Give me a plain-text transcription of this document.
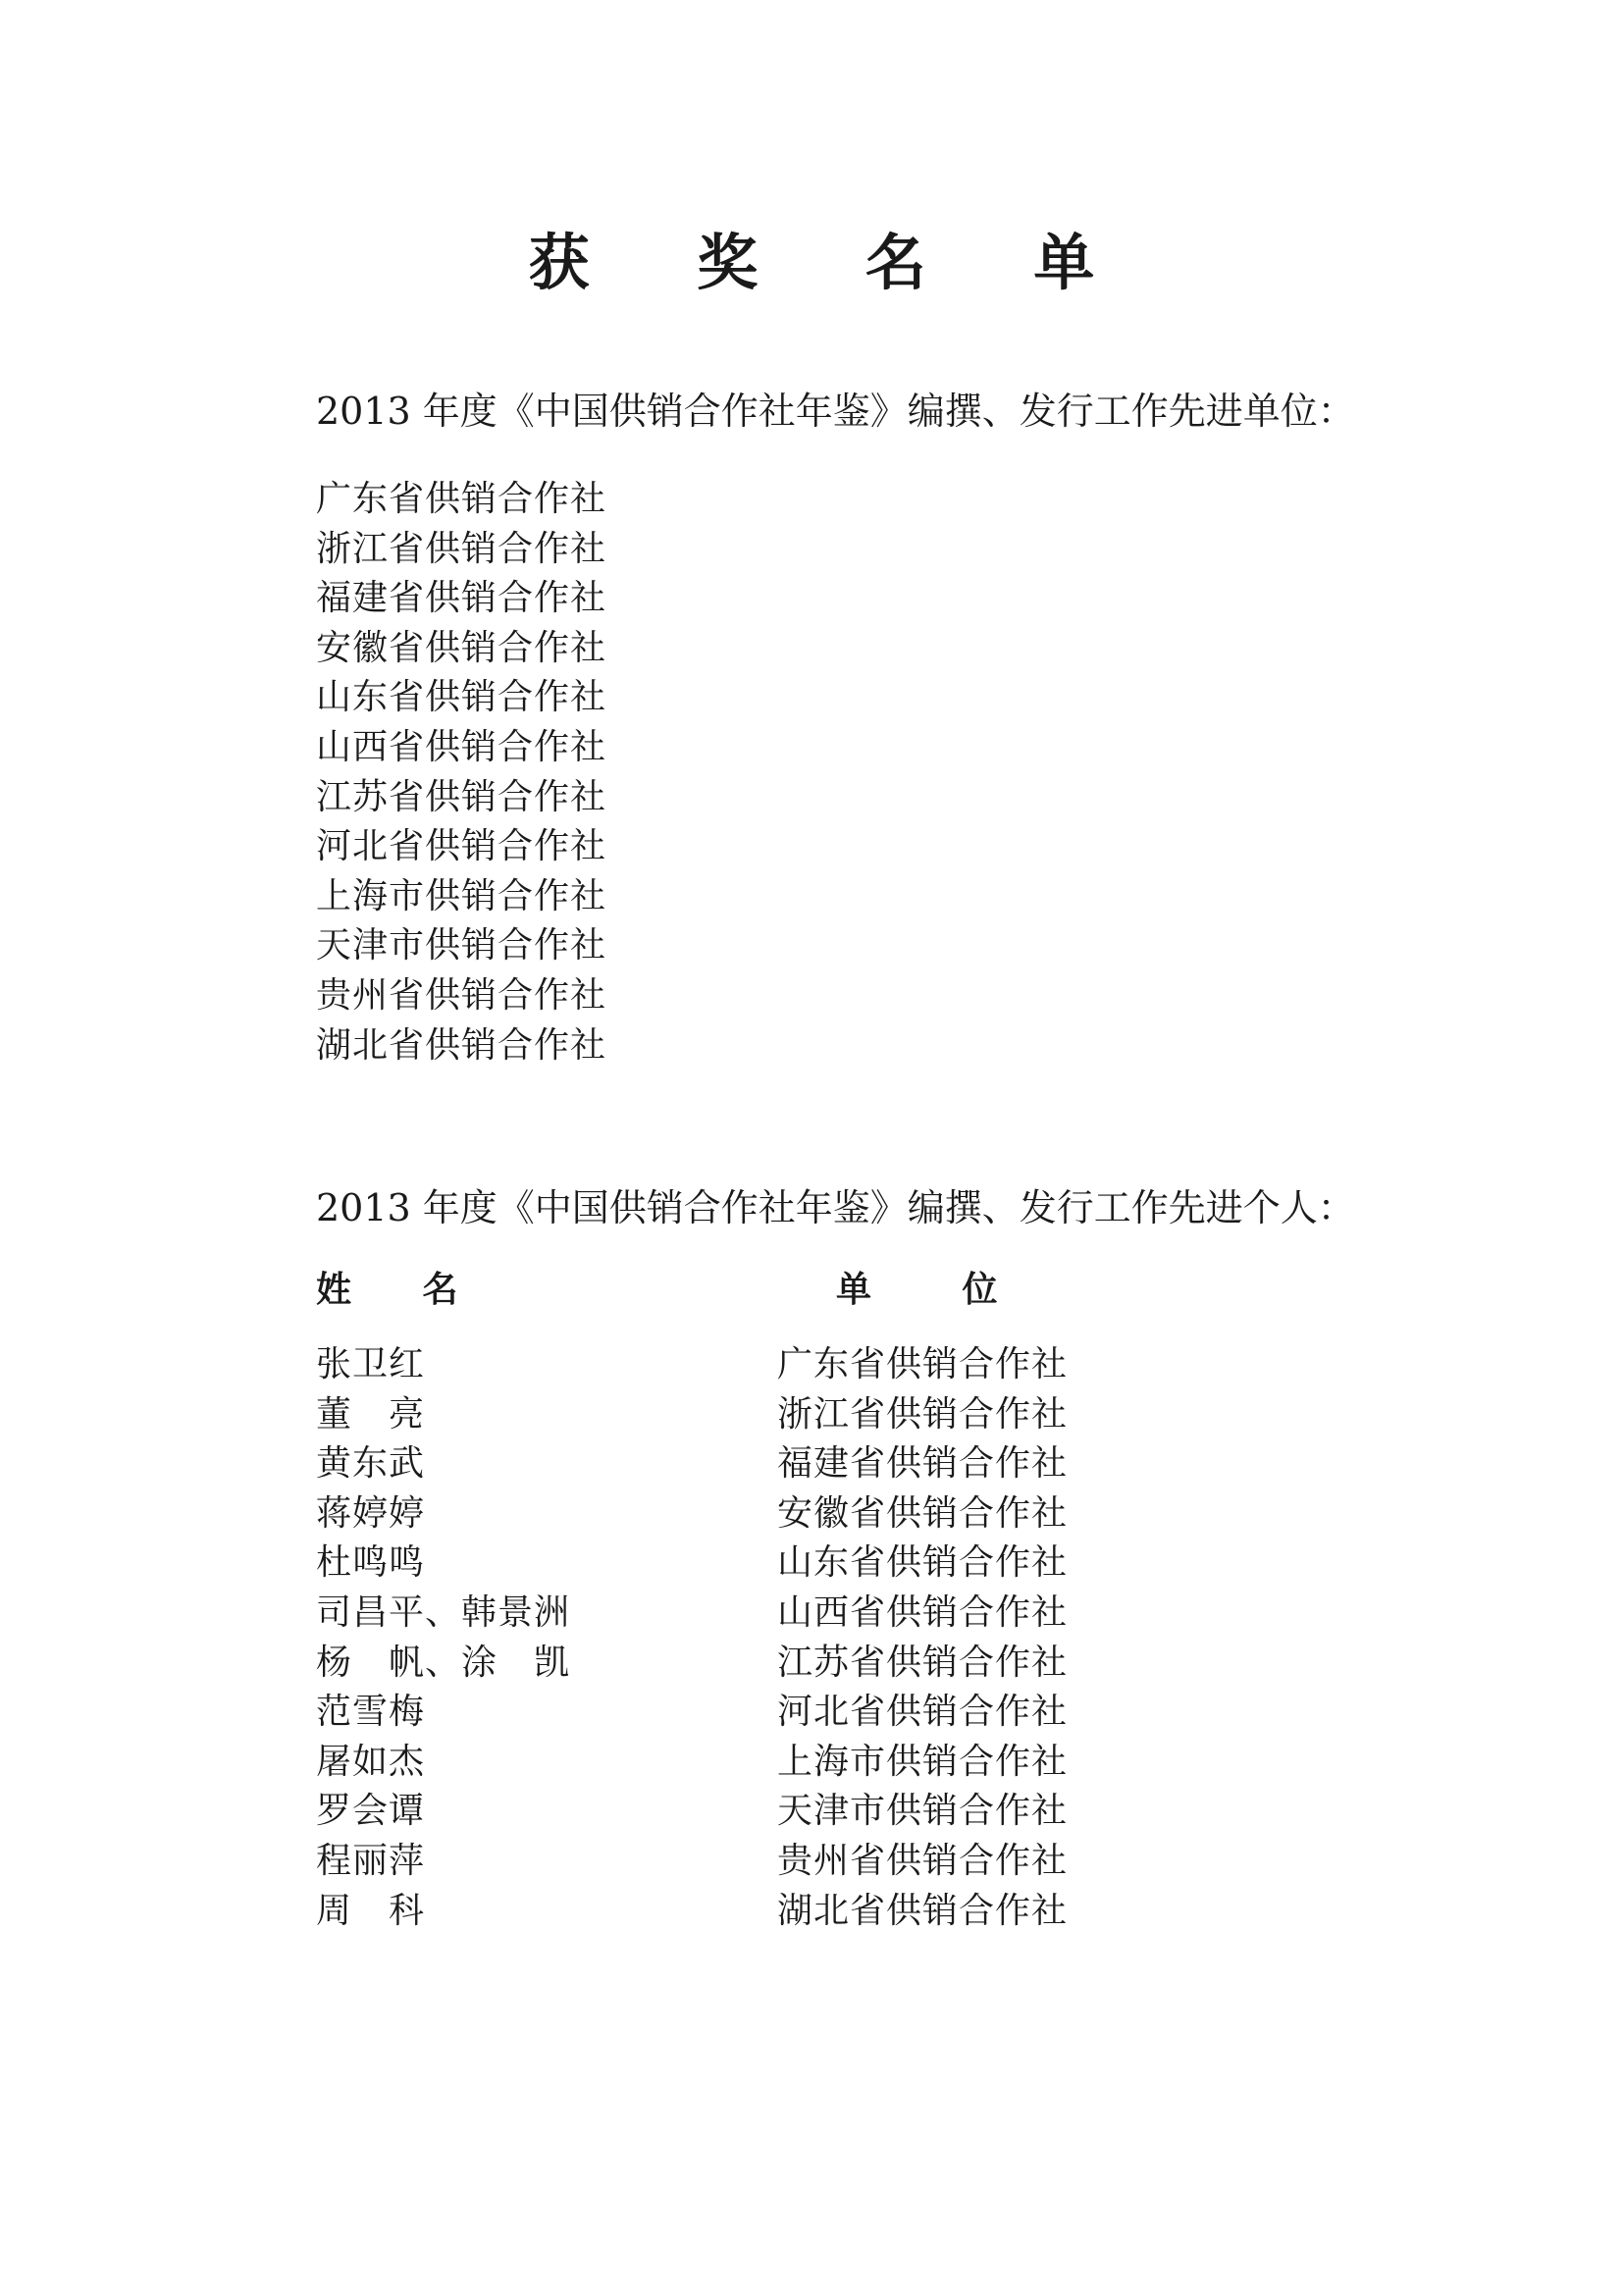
获 奖 名 单
2013 年度《中国供销合作社年鉴》编撰、发行工作先进单位：
广东省供销合作社
浙江省供销合作社
福建省供销合作社
安徽省供销合作社
山东省供销合作社
山西省供销合作社
江苏省供销合作社
河北省供销合作社
上海市供销合作社
天津市供销合作社
贵州省供销合作社
湖北省供销合作社
2013 年度《中国供销合作社年鉴》编撰、发行工作先进个人：
姓 名	单 位
张卫红	广东省供销合作社
董　亮	浙江省供销合作社
黄东武	福建省供销合作社
蒋婷婷	安徽省供销合作社
杜鸣鸣	山东省供销合作社
司昌平、韩景洲	山西省供销合作社
杨　帆、涂　凯	江苏省供销合作社
范雪梅	河北省供销合作社
屠如杰	上海市供销合作社
罗会谭	天津市供销合作社
程丽萍	贵州省供销合作社
周　科	湖北省供销合作社
